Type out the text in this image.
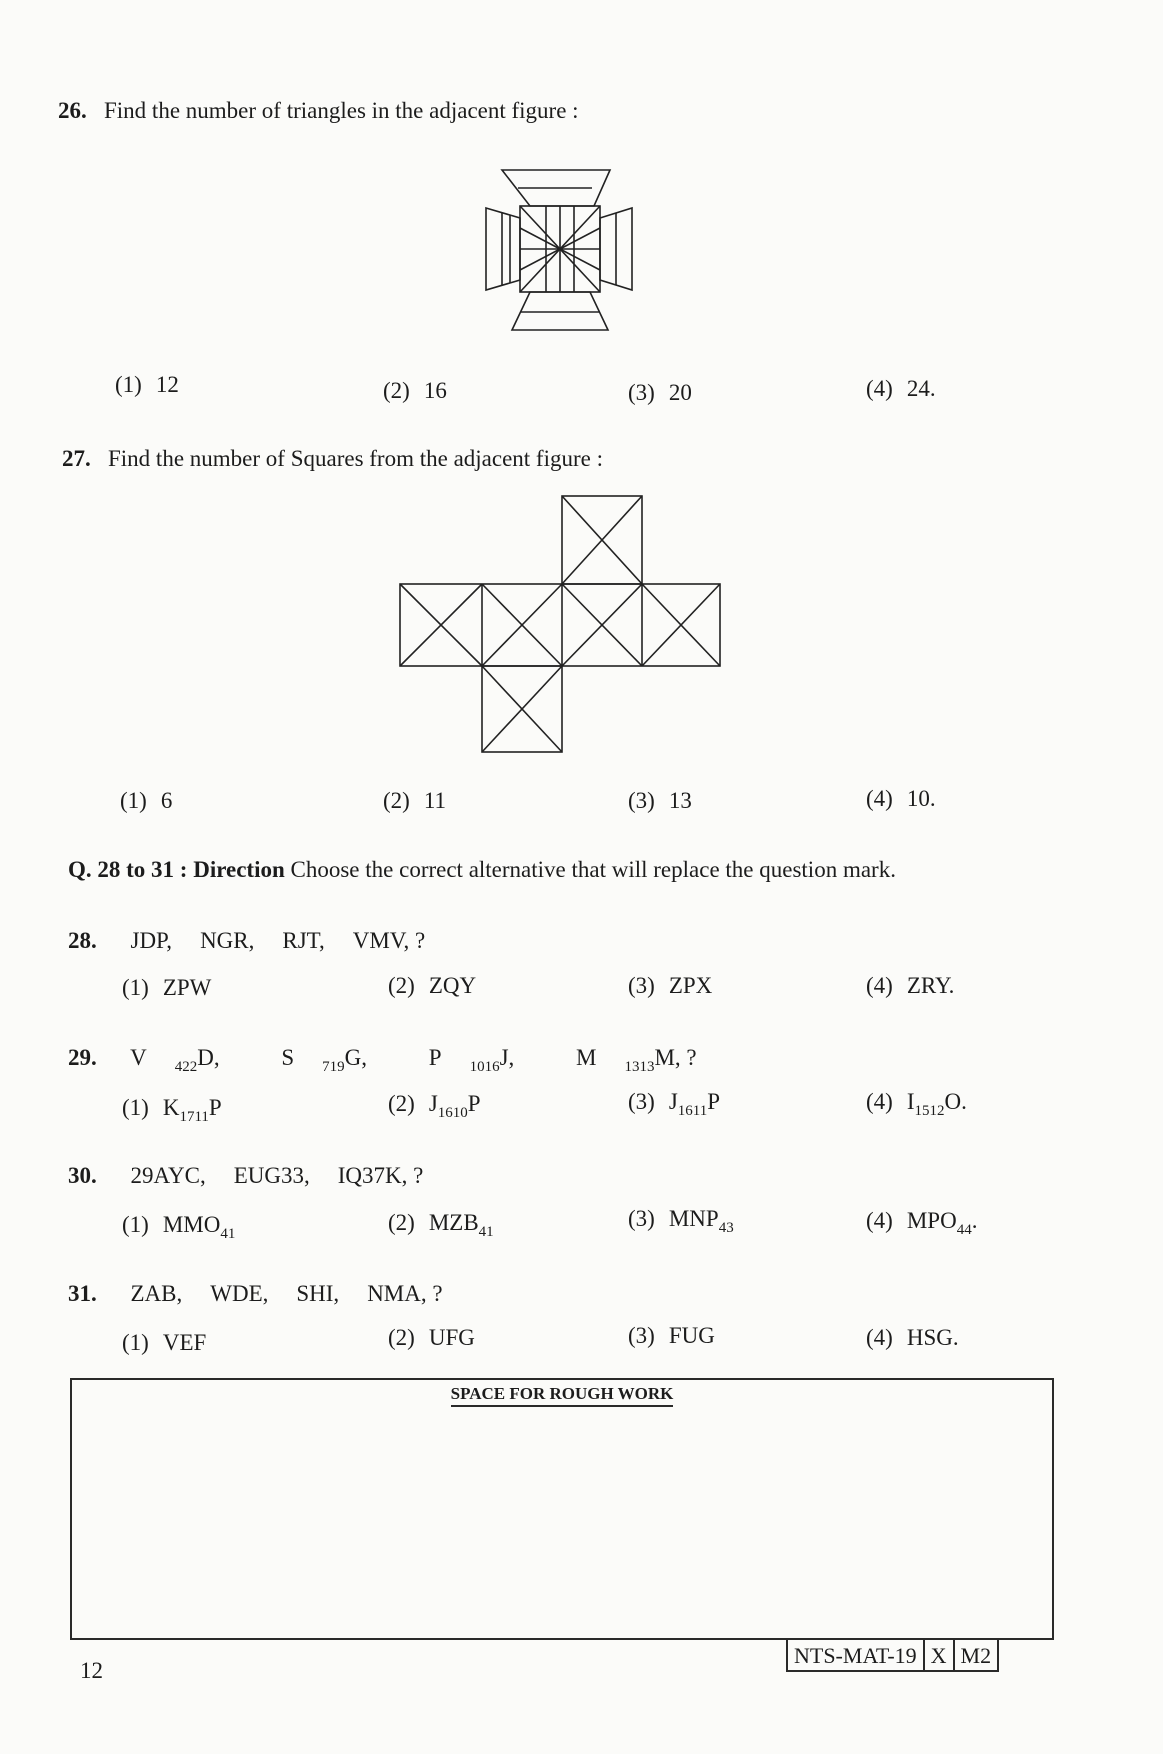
26. Find the number of triangles in the adjacent figure :
(1) 12	(2) 16	(3) 20	(4) 24.
27. Find the number of Squares from the adjacent figure :
(1) 6	(2) 11	(3) 13	(4) 10.
Q. 28 to 31 : Direction Choose the correct alternative that will replace the question mark.
28. JDP, NGR, RJT, VMV, ?
(1) ZPW	(2) ZQY	(3) ZPX	(4) ZRY.
29. V $_{422}$D,	S $_{719}$G,	P $_{1016}$J,	M $_{1313}$M, ?
(1) $K_{1711}P$	(2) $J_{1610}P$	(3) $J_{1611}P$	(4) $I_{1512}O$.
30. 29AYC, EUG33, IQ37K, ?
(1) $MMO_{41}$	(2) $MZB_{41}$
(3) $MNP_{43}$	(4) $MPO_{44}$.
31. ZAB, WDE, SHI, NMA, ?
(1) VEF	(2) UFG	(3) FUG	(4) HSG.
SPACE FOR ROUGH WORK
12
NTS-MAT-19 X M2
